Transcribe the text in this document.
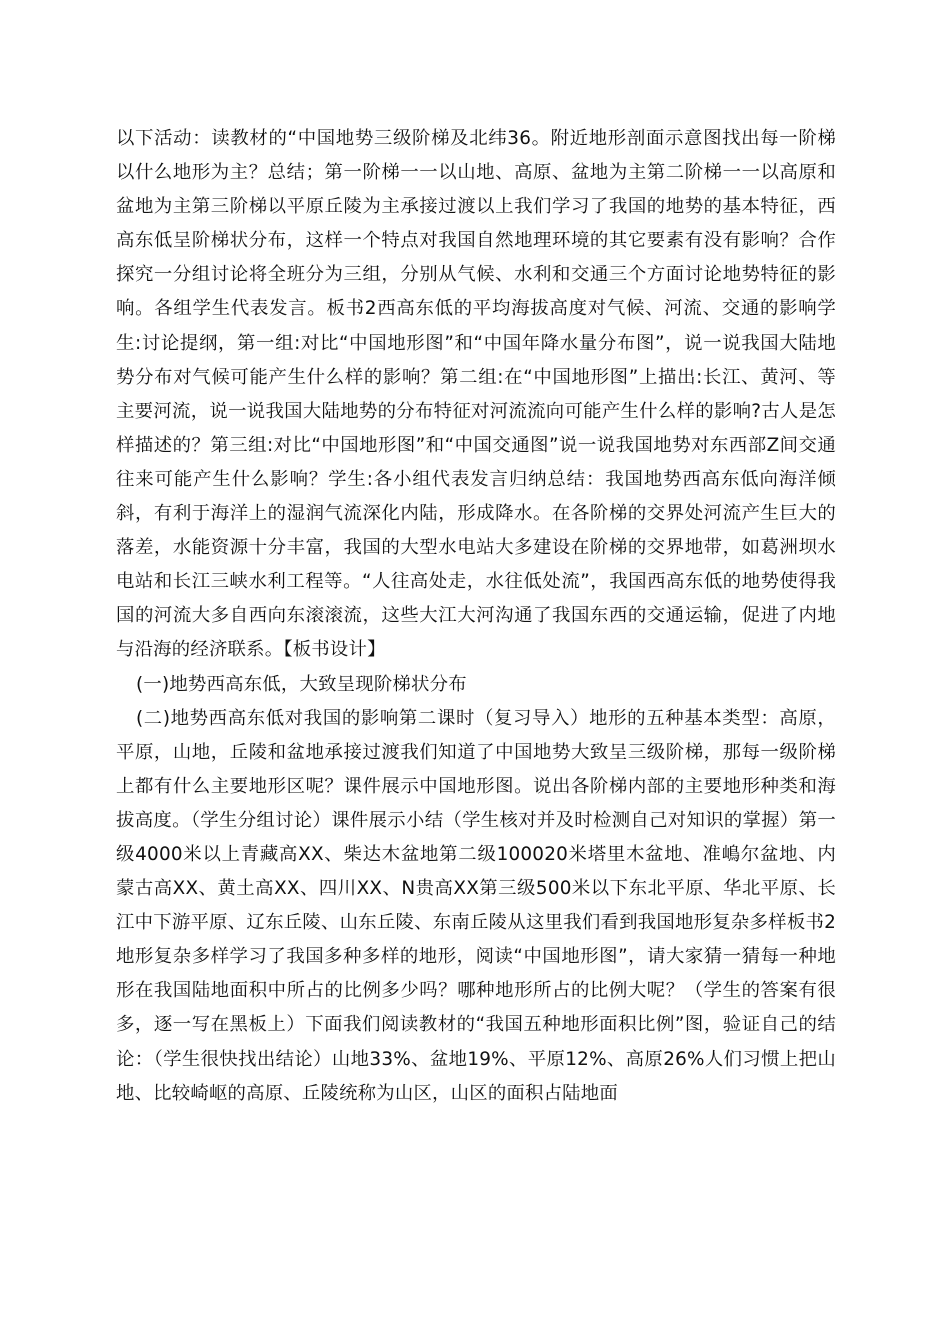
以下活动：读教材的“中国地势三级阶梯及北纬36。附近地形剖面示意图找出每一阶梯以什么地形为主？总结；第一阶梯一一以山地、高原、盆地为主第二阶梯一一以高原和盆地为主第三阶梯以平原丘陵为主承接过渡以上我们学习了我国的地势的基本特征，西高东低呈阶梯状分布，这样一个特点对我国自然地理环境的其它要素有没有影响？合作探究一分组讨论将全班分为三组，分别从气候、水利和交通三个方面讨论地势特征的影响。各组学生代表发言。板书2西高东低的平均海拔高度对气候、河流、交通的影响学生:讨论提纲，第一组:对比“中国地形图”和“中国年降水量分布图”，说一说我国大陆地势分布对气候可能产生什么样的影响？第二组:在“中国地形图”上描出:长江、黄河、等主要河流，说一说我国大陆地势的分布特征对河流流向可能产生什么样的影响?古人是怎样描述的？第三组:对比“中国地形图”和“中国交通图”说一说我国地势对东西部Z间交通往来可能产生什么影响？学生:各小组代表发言归纳总结：我国地势西高东低向海洋倾斜，有利于海洋上的湿润气流深化内陆，形成降水。在各阶梯的交界处河流产生巨大的落差，水能资源十分丰富，我国的大型水电站大多建设在阶梯的交界地带，如葛洲坝水电站和长江三峡水利工程等。“人往高处走，水往低处流”，我国西高东低的地势使得我国的河流大多自西向东滚滚流，这些大江大河沟通了我国东西的交通运输，促进了内地与沿海的经济联系。【板书设计】

(一)地势西高东低，大致呈现阶梯状分布

(二)地势西高东低对我国的影响第二课时（复习导入）地形的五种基本类型：高原，平原，山地，丘陵和盆地承接过渡我们知道了中国地势大致呈三级阶梯，那每一级阶梯上都有什么主要地形区呢？课件展示中国地形图。说出各阶梯内部的主要地形种类和海拔高度。（学生分组讨论）课件展示小结（学生核对并及时检测自己对知识的掌握）第一级4000米以上青藏高XX、柴达木盆地第二级100020米塔里木盆地、准嶋尔盆地、内蒙古高XX、黄土高XX、四川XX、N贵高XX第三级500米以下东北平原、华北平原、长江中下游平原、辽东丘陵、山东丘陵、东南丘陵从这里我们看到我国地形复杂多样板书2地形复杂多样学习了我国多种多样的地形，阅读“中国地形图”，请大家猜一猜每一种地形在我国陆地面积中所占的比例多少吗？哪种地形所占的比例大呢？（学生的答案有很多，逐一写在黑板上）下面我们阅读教材的“我国五种地形面积比例”图，验证自己的结论：（学生很快找出结论）山地33%、盆地19%、平原12%、高原26%人们习惯上把山地、比较崎岖的高原、丘陵统称为山区，山区的面积占陆地面
